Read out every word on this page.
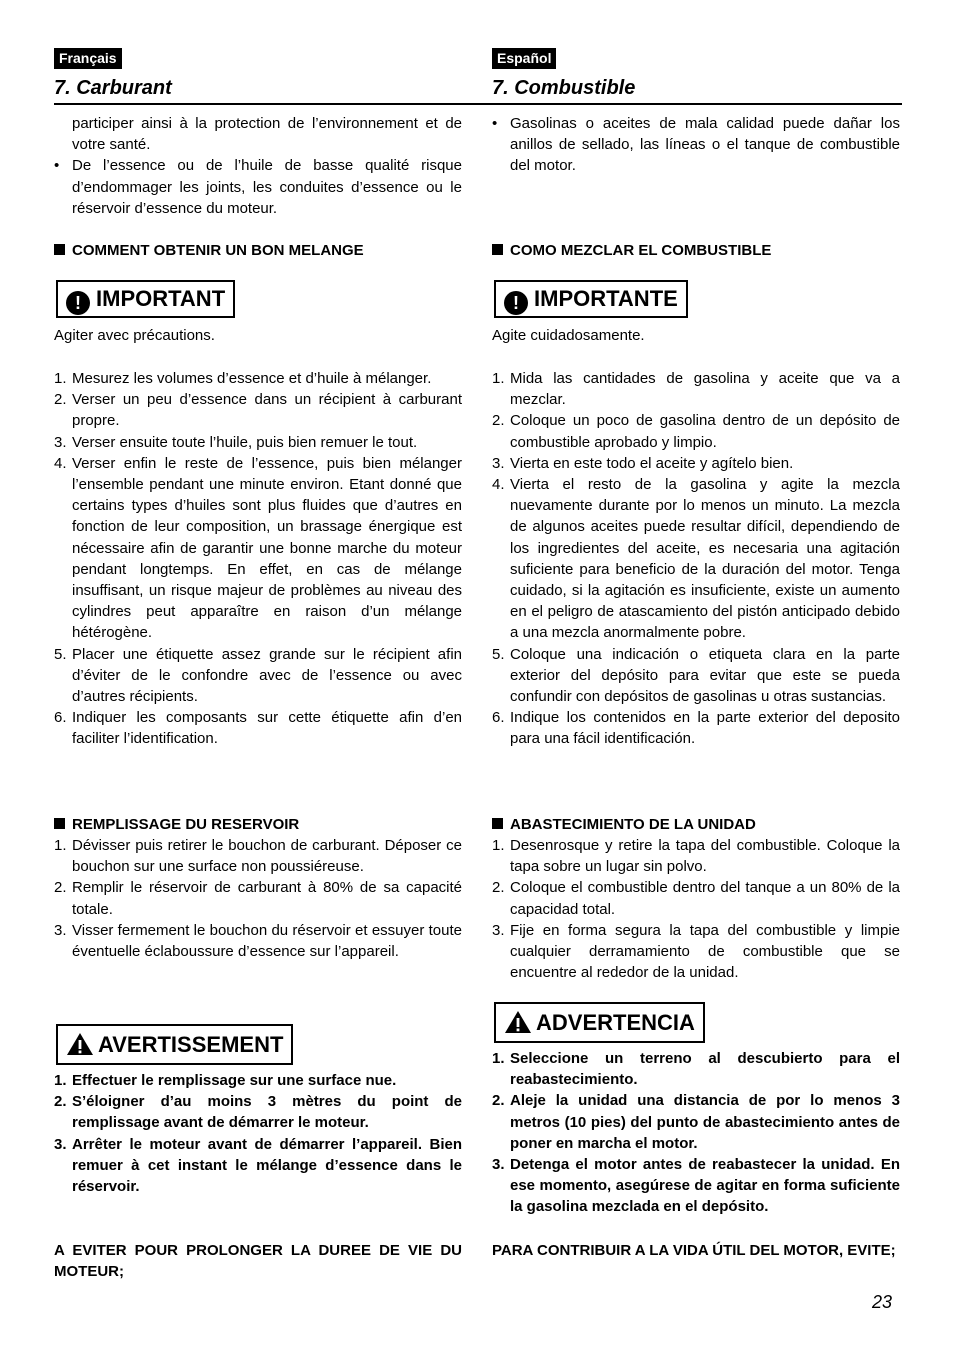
Français
7. Carburant
participer ainsi à la protection de l’environnement et de votre santé.
• De l’essence ou de l’huile de basse qualité risque d’endommager les joints, les conduites d’essence ou le réservoir d’essence du moteur.
COMMENT OBTENIR UN BON MELANGE
! IMPORTANT
Agiter avec précautions.
1. Mesurez les volumes d’essence et d’huile à mélanger.
2. Verser un peu d’essence dans un récipient à carburant propre.
3. Verser ensuite toute l’huile, puis bien remuer le tout.
4. Verser enfin le reste de l’essence, puis bien mélanger l’ensemble pendant une minute environ. Etant donné que certains types d’huiles sont plus fluides que d’autres en fonction de leur composition, un brassage énergique est nécessaire afin de garantir une bonne marche du moteur pendant longtemps. En effet, en cas de mélange insuffisant, un risque majeur de problèmes au niveau des cylindres peut apparaître en raison d’un mélange hétérogène.
5. Placer une étiquette assez grande sur le récipient afin d’éviter de le confondre avec de l’essence ou avec d’autres récipients.
6. Indiquer les composants sur cette étiquette afin d’en faciliter l’identification.
REMPLISSAGE DU RESERVOIR
1. Dévisser puis retirer le bouchon de carburant. Déposer ce bouchon sur une surface non poussiéreuse.
2. Remplir le réservoir de carburant à 80% de sa capacité totale.
3. Visser fermement le bouchon du réservoir et essuyer toute éventuelle éclaboussure d’essence sur l’appareil.
AVERTISSEMENT
1. Effectuer le remplissage sur une surface nue.
2. S’éloigner d’au moins 3 mètres du point de remplissage avant de démarrer le moteur.
3. Arrêter le moteur avant de démarrer l’appareil. Bien remuer à cet instant le mélange d’essence dans le réservoir.
A EVITER POUR PROLONGER LA DUREE DE VIE DU MOTEUR;
Español
7. Combustible
• Gasolinas o aceites de mala calidad puede dañar los anillos de sellado, las líneas o el tanque de combustible del motor.
COMO MEZCLAR EL COMBUSTIBLE
! IMPORTANTE
Agite cuidadosamente.
1. Mida las cantidades de gasolina y aceite que va a mezclar.
2. Coloque un poco de gasolina dentro de un depósito de combustible aprobado y limpio.
3. Vierta en este todo el aceite y agítelo bien.
4. Vierta el resto de la gasolina y agite la mezcla nuevamente durante por lo menos un minuto. La mezcla de algunos aceites puede resultar difícil, dependiendo de los ingredientes del aceite, es necesaria una agitación suficiente para beneficio de la duración del motor. Tenga cuidado, si la agitación es insuficiente, existe un aumento en el peligro de atascamiento del pistón anticipado debido a una mezcla anormalmente pobre.
5. Coloque una indicación o etiqueta clara en la parte exterior del depósito para evitar que este se pueda confundir con depósitos de gasolinas u otras sustancias.
6. Indique los contenidos en la parte exterior del deposito para una fácil identificación.
ABASTECIMIENTO DE LA UNIDAD
1. Desenrosque y retire la tapa del combustible. Coloque la tapa sobre un lugar sin polvo.
2. Coloque el combustible dentro del tanque a un 80% de la capacidad total.
3. Fije en forma segura la tapa del combustible y limpie cualquier derramamiento de combustible que se encuentre al rededor de la unidad.
ADVERTENCIA
1. Seleccione un terreno al descubierto para el reabastecimiento.
2. Aleje la unidad una distancia de por lo menos 3 metros (10 pies) del punto de abastecimiento antes de poner en marcha el motor.
3. Detenga el motor antes de reabastecer la unidad. En ese momento, asegúrese de agitar en forma suficiente la gasolina mezclada en el depósito.
PARA CONTRIBUIR A LA VIDA ÚTIL DEL MOTOR, EVITE;
23
